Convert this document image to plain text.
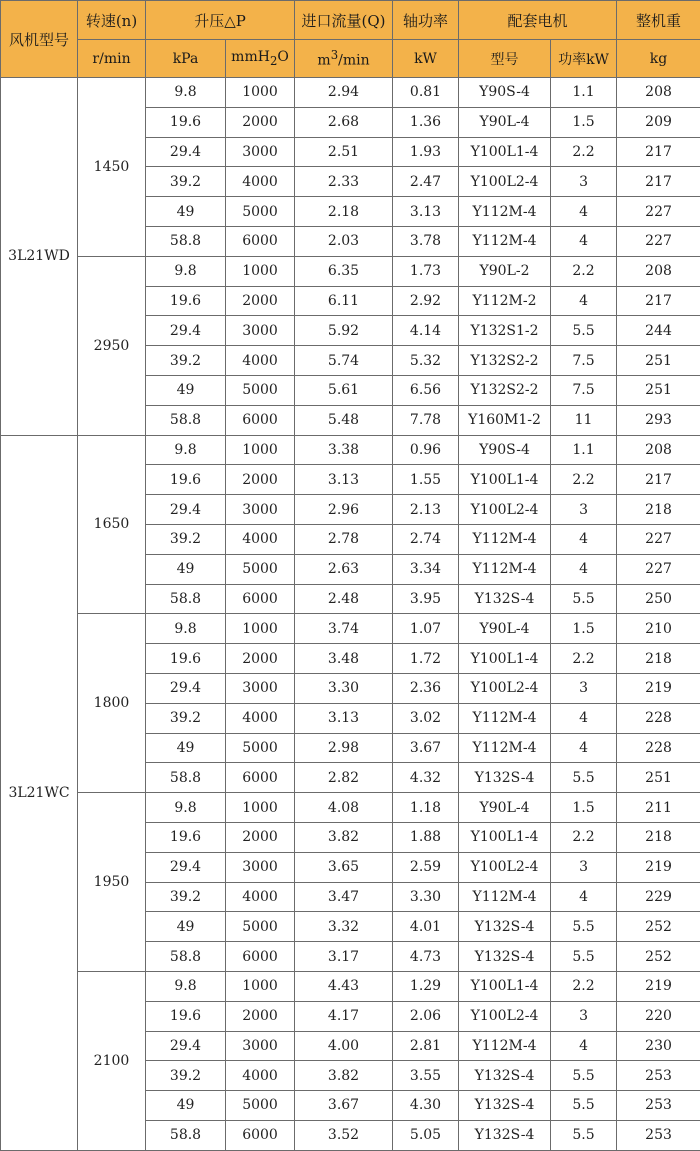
风机型号	转速(n)	升压△P		进口流量(Q)	轴功率	配套电机		整机重
	r/min	kPa	mmH$_2$O	$m^3/\min$	kW	型号	功率kW	kg
3L21WD	1450	9.8	1000	2.94	0.81	Y90S-4	1.1	208
		19.6	2000	2.68	1.36	Y90L-4	1.5	209
		29.4	3000	2.51	1.93	Y100L1-4	2.2	217
		39.2	4000	2.33	2.47	Y100L2-4	3	217
		49	5000	2.18	3.13	Y112M-4	4	227
		58.8	6000	2.03	3.78	Y112M-4	4	227
	2950	9.8	1000	6.35	1.73	Y90L-2	2.2	208
		19.6	2000	6.11	2.92	Y112M-2	4	217
		29.4	3000	5.92	4.14	Y132S1-2	5.5	244
		39.2	4000	5.74	5.32	Y132S2-2	7.5	251
		49	5000	5.61	6.56	Y132S2-2	7.5	251
		58.8	6000	5.48	7.78	Y160M1-2	11	293
3L21WC	1650	9.8	1000	3.38	0.96	Y90S-4	1.1	208
		19.6	2000	3.13	1.55	Y100L1-4	2.2	217
		29.4	3000	2.96	2.13	Y100L2-4	3	218
		39.2	4000	2.78	2.74	Y112M-4	4	227
		49	5000	2.63	3.34	Y112M-4	4	227
		58.8	6000	2.48	3.95	Y132S-4	5.5	250
	1800	9.8	1000	3.74	1.07	Y90L-4	1.5	210
		19.6	2000	3.48	1.72	Y100L1-4	2.2	218
		29.4	3000	3.30	2.36	Y100L2-4	3	219
		39.2	4000	3.13	3.02	Y112M-4	4	228
		49	5000	2.98	3.67	Y112M-4	4	228
		58.8	6000	2.82	4.32	Y132S-4	5.5	251
	1950	9.8	1000	4.08	1.18	Y90L-4	1.5	211
		19.6	2000	3.82	1.88	Y100L1-4	2.2	218
		29.4	3000	3.65	2.59	Y100L2-4	3	219
		39.2	4000	3.47	3.30	Y112M-4	4	229
		49	5000	3.32	4.01	Y132S-4	5.5	252
		58.8	6000	3.17	4.73	Y132S-4	5.5	252
	2100	9.8	1000	4.43	1.29	Y100L1-4	2.2	219
		19.6	2000	4.17	2.06	Y100L2-4	3	220
		29.4	3000	4.00	2.81	Y112M-4	4	230
		39.2	4000	3.82	3.55	Y132S-4	5.5	253
		49	5000	3.67	4.30	Y132S-4	5.5	253
		58.8	6000	3.52	5.05	Y132S-4	5.5	253
